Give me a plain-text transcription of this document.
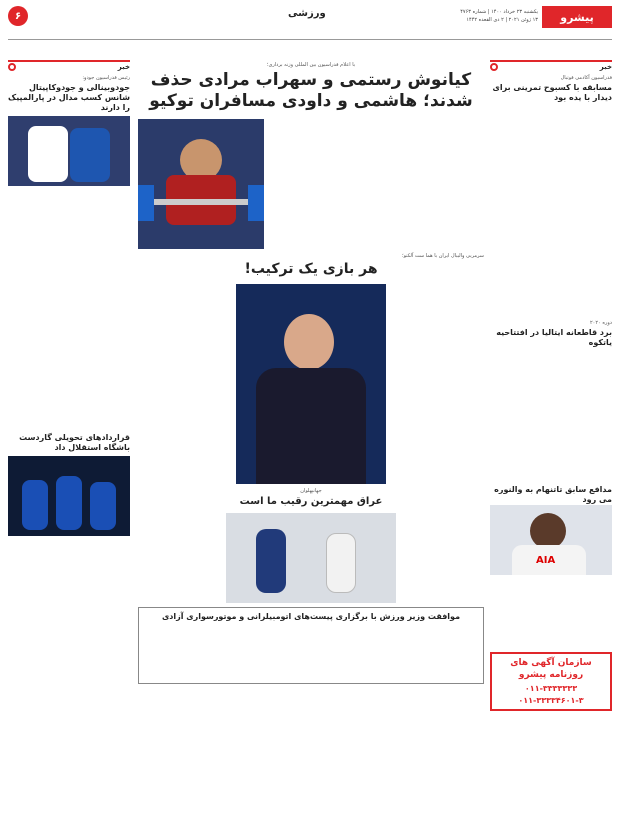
۶	ورزشی	پیشرو
یکشنبه ۲۳ خرداد ۱۴۰۰ | شماره ۴۷۶۳
۱۳ ژوئن ۲۰۲۱ | ۲ ذی القعده ۱۴۴۲
خبر
فدراسیون آکادمی فوتبال
مسابقه با کسبوح تمرینی برای دیدار با یده بود
دوره ۲۰۲۰
برد قاطعانه ایتالیا در افتتاحیه یاتکوه
مدافع سابق تاتنهام به والنوره می رود
AIA
سازمان آگهی های روزنامه پیشرو
۰۱۱-۳۳۳۳۳۳۳
۰۱۱-۳۳۳۳۴۶۰۱-۳
با اعلام فدراسیون بین المللی وزنه برداری؛
کیانوش رستمی و سهراب مرادی حذف شدند؛ هاشمی و داودی مسافران توکیو
سرمربی والیبال ایران با هما ست آلکنو؛
هر بازی یک ترکیب!
جهانپهلوان
عراق مهمترین رقیب ما است
موافقت وزیر ورزش با برگزاری پیست‌های اتومبیلرانی و موتورسواری آزادی
خبر
رئیس فدراسیون جودو:
جودوبینالی و جودوکاپیتال شانس کسب مدال در پارالمپیک را دارند
قراردادهای تحویلی گاردست باشگاه استقلال داد
